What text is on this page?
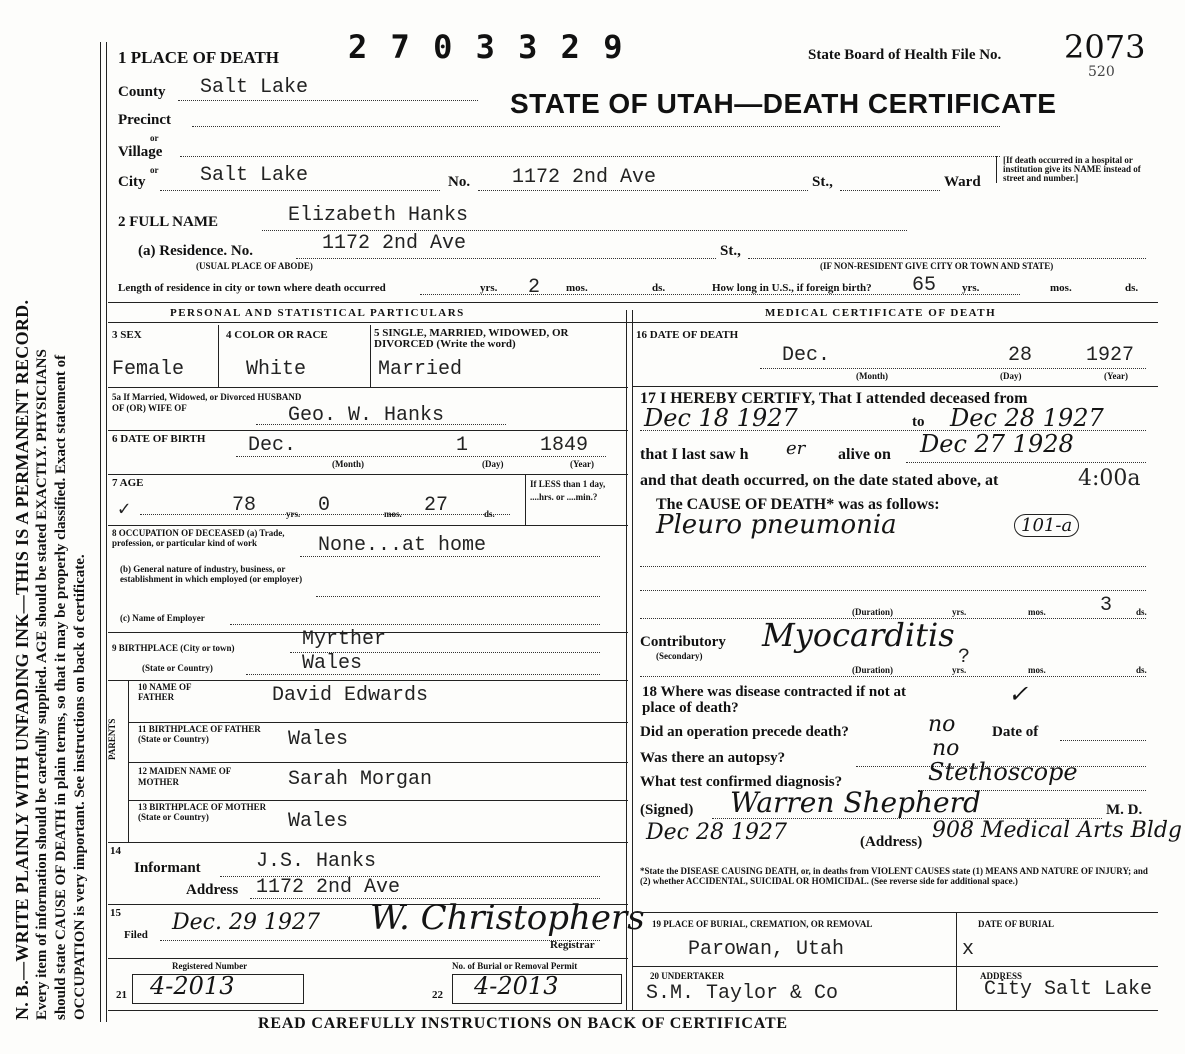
N. B.—WRITE PLAINLY WITH UNFADING INK—THIS IS A PERMANENT RECORD. Every item of information should be carefully supplied. AGE should be stated EXACTLY. PHYSICIANS should state CAUSE OF DEATH in plain terms, so that it may be properly classified. Exact statement of OCCUPATION is very important. See instructions on back of certificate.
1 PLACE OF DEATH 2 7 0 3 3 2 9	State Board of Health File No. 2073
520
STATE OF UTAH—DEATH CERTIFICATE
County Salt Lake
Precinct
or
Village
or
City	Salt Lake	No. 1172 2nd Ave	St.,	Ward
[If death occurred in a hospital or institution give its NAME instead of street and number.]
2 FULL NAME	Elizabeth Hanks
(a) Residence. No.	1172 2nd Ave	St.,
(USUAL PLACE OF ABODE)	(IF NON-RESIDENT GIVE CITY OR TOWN AND STATE)
Length of residence in city or town where death occurred	yrs. 2 mos.	ds.	How long in U.S., if foreign birth? 65 yrs.	mos.	ds.
PERSONAL AND STATISTICAL PARTICULARS	MEDICAL CERTIFICATE OF DEATH
3 SEX
Female
4 COLOR OR RACE
White
5 SINGLE, MARRIED, WIDOWED, OR DIVORCED (Write the word)
Married
5a If Married, Widowed, or Divorced HUSBAND OF (OR) WIFE OF	Geo. W. Hanks
6 DATE OF BIRTH Dec.	1	1849
(Month)	(Day)	(Year)
7 AGE
✓	78	yrs. 0	mos. 27	ds.
If LESS than 1 day, ....hrs. or ....min.?
8 OCCUPATION OF DECEASED (a) Trade, profession, or particular kind of work	None...at home
(b) General nature of industry, business, or establishment in which employed (or employer)
(c) Name of Employer
9 BIRTHPLACE (City or town)	Myrther
(State or Country)	Wales
PARENTS
10 NAME OF FATHER	David Edwards
11 BIRTHPLACE OF FATHER (State or Country)	Wales
12 MAIDEN NAME OF MOTHER	Sarah Morgan
13 BIRTHPLACE OF MOTHER (State or Country)	Wales
14
Informant	J.S. Hanks
Address 1172 2nd Ave
15
Filed Dec. 29 1927 W. Christophers
Registrar
Registered Number
21 4-2013
No. of Burial or Removal Permit
22 4-2013
16 DATE OF DEATH
Dec.	28	1927
(Month)	(Day)	(Year)
17 I HEREBY CERTIFY, That I attended deceased from
Dec 18 1927	to Dec 28 1927
that I last saw h er alive on Dec 27 1928
and that death occurred, on the date stated above, at	4:00a
The CAUSE OF DEATH* was as follows:
Pleuro pneumonia	101-a
(Duration)	yrs.	mos.	3	ds.
Contributory
(Secondary)
Myocarditis
?
(Duration)	yrs.	mos.	ds.
18 Where was disease contracted if not at place of death?	✓
Did an operation precede death?	no Date of
Was there an autopsy?	no
What test confirmed diagnosis?	Stethoscope
(Signed) Warren Shepherd	M. D.
Dec 28 1927	(Address) 908 Medical Arts Bldg
*State the DISEASE CAUSING DEATH, or, in deaths from VIOLENT CAUSES state (1) MEANS AND NATURE OF INJURY; and (2) whether ACCIDENTAL, SUICIDAL OR HOMICIDAL. (See reverse side for additional space.)
19 PLACE OF BURIAL, CREMATION, OR REMOVAL
Parowan, Utah
DATE OF BURIAL
x
20 UNDERTAKER
S.M. Taylor & Co
ADDRESS
City Salt Lake
READ CAREFULLY INSTRUCTIONS ON BACK OF CERTIFICATE
